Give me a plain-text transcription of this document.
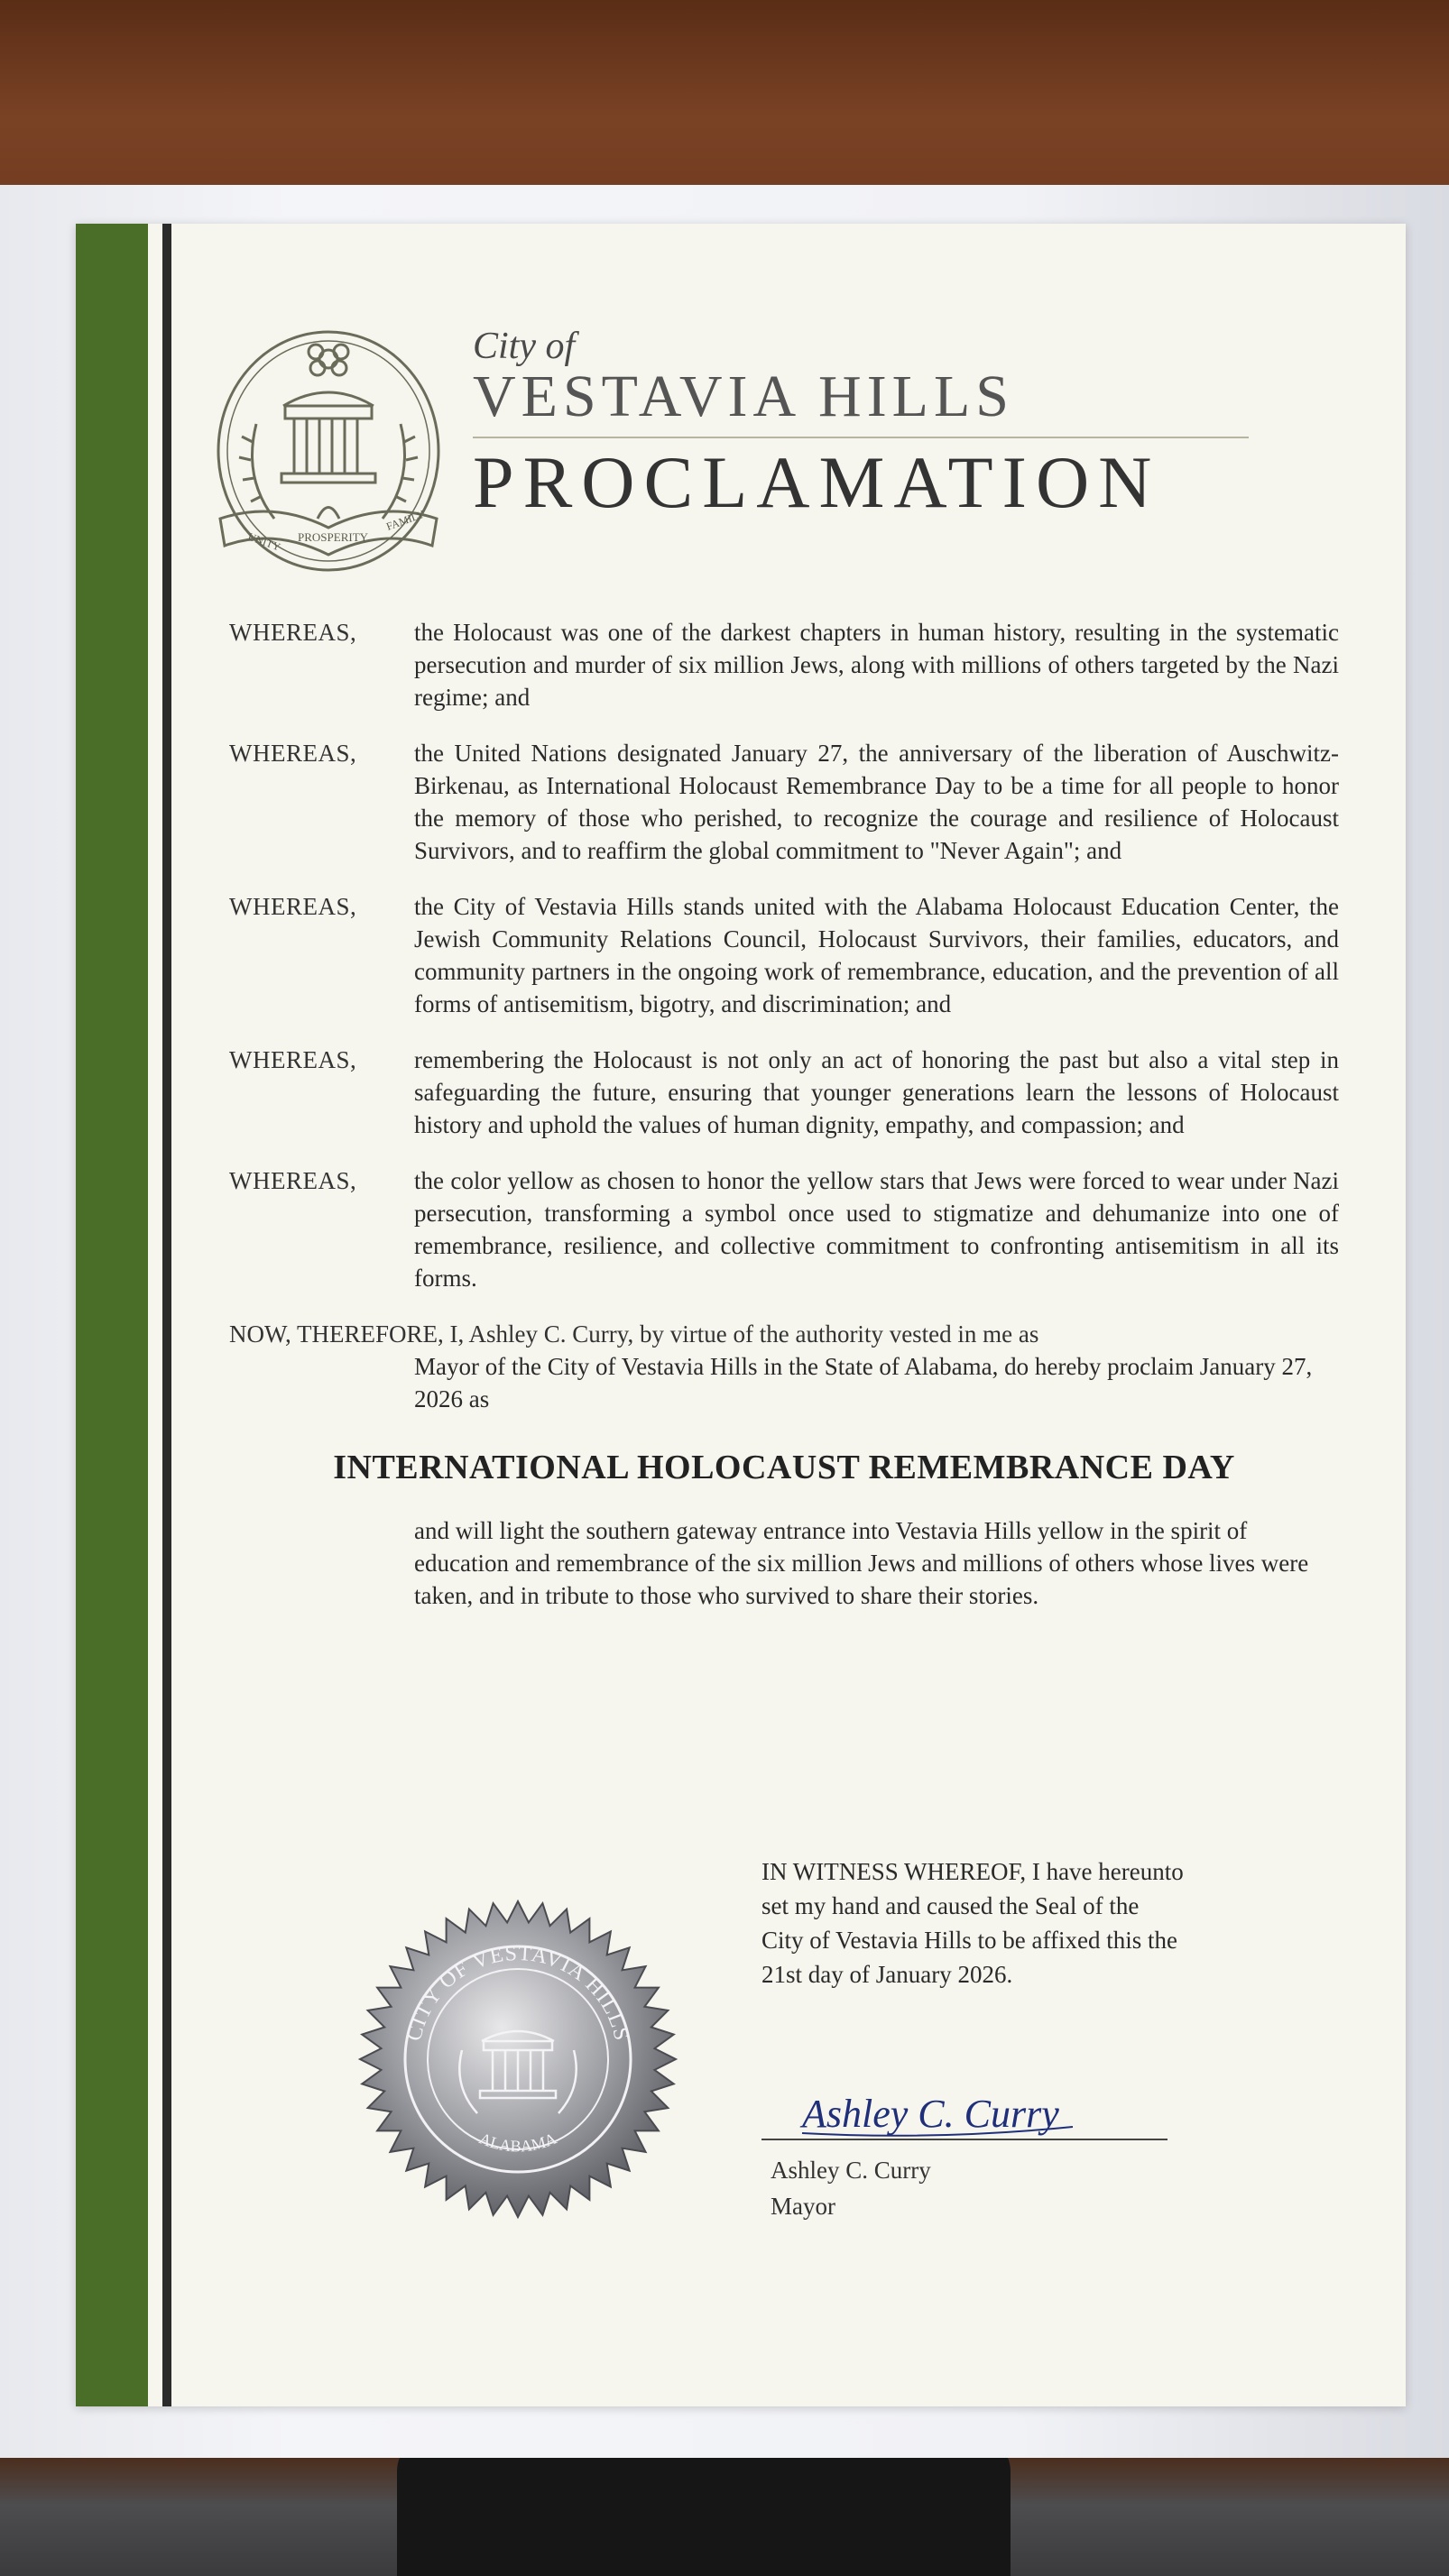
UNITY PROSPERITY
FAMILY
City of
VESTAVIA HILLS
PROCLAMATION
WHEREAS,	the Holocaust was one of the darkest chapters in human history, resulting in the systematic persecution and murder of six million Jews, along with millions of others targeted by the Nazi regime; and
WHEREAS,	the United Nations designated January 27, the anniversary of the liberation of Auschwitz-Birkenau, as International Holocaust Remembrance Day to be a time for all people to honor the memory of those who perished, to recognize the courage and resilience of Holocaust Survivors, and to reaffirm the global commitment to "Never Again"; and
WHEREAS,	the City of Vestavia Hills stands united with the Alabama Holocaust Education Center, the Jewish Community Relations Council, Holocaust Survivors, their families, educators, and community partners in the ongoing work of remembrance, education, and the prevention of all forms of antisemitism, bigotry, and discrimination; and
WHEREAS,	remembering the Holocaust is not only an act of honoring the past but also a vital step in safeguarding the future, ensuring that younger generations learn the lessons of Holocaust history and uphold the values of human dignity, empathy, and compassion; and
WHEREAS,	the color yellow as chosen to honor the yellow stars that Jews were forced to wear under Nazi persecution, transforming a symbol once used to stigmatize and dehumanize into one of remembrance, resilience, and collective commitment to confronting antisemitism in all its forms.
NOW, THEREFORE, I, Ashley C. Curry, by virtue of the authority vested in me as
Mayor of the City of Vestavia Hills in the State of Alabama, do hereby proclaim January 27, 2026 as
INTERNATIONAL HOLOCAUST REMEMBRANCE DAY
and will light the southern gateway entrance into Vestavia Hills yellow in the spirit of education and remembrance of the six million Jews and millions of others whose lives were taken, and in tribute to those who survived to share their stories.
CITY OF VESTAVIA HILLS
ALABAMA
IN WITNESS WHEREOF, I have hereunto set my hand and caused the Seal of the City of Vestavia Hills to be affixed this the 21st day of January 2026.
Ashley C. Curry
Ashley C. Curry
Mayor
